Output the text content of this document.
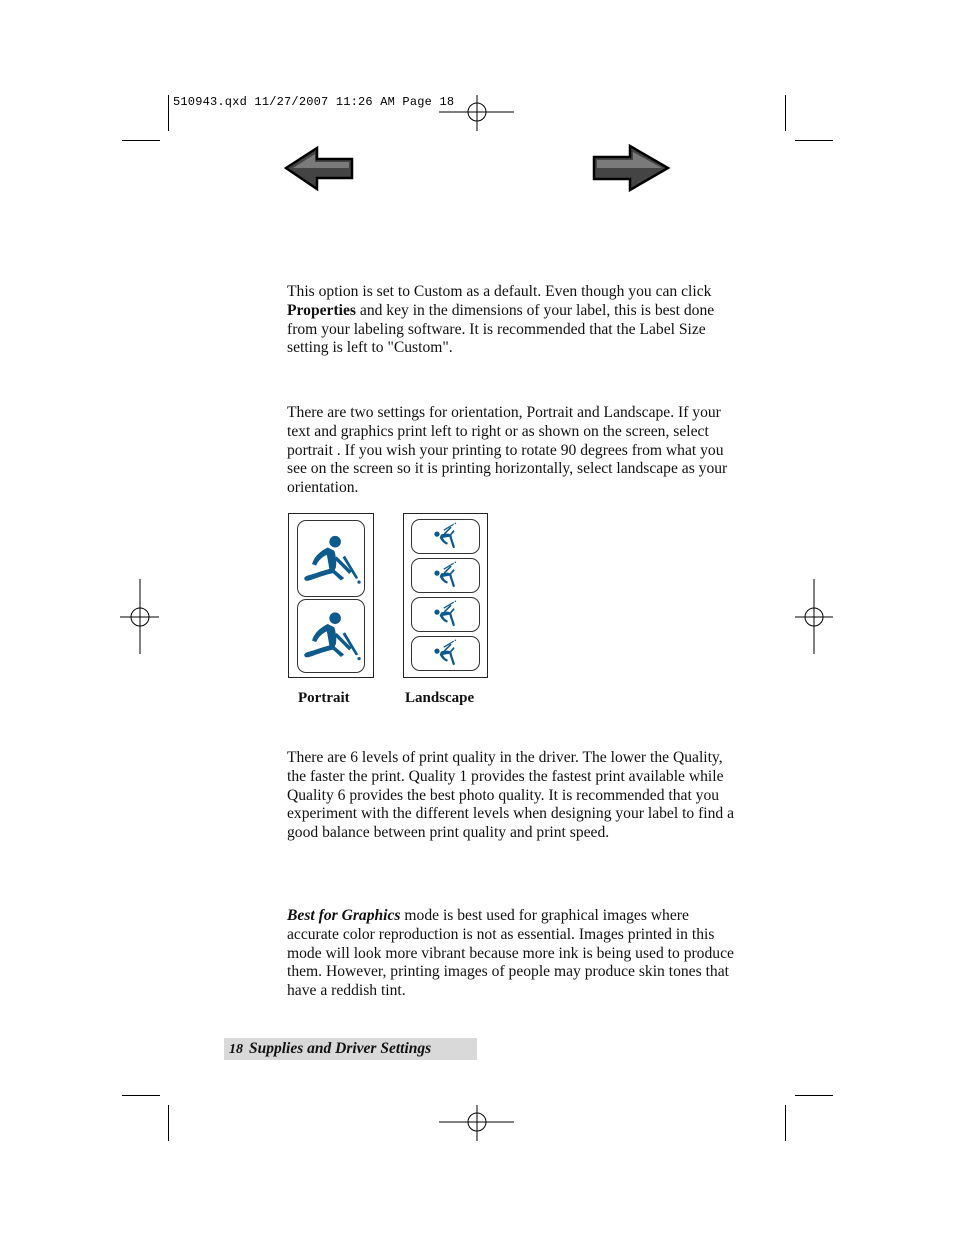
510943.qxd 11/27/2007 11:26 AM Page 18

This option is set to Custom as a default. Even though you can click Properties and key in the dimensions of your label, this is best done from your labeling software. It is recommended that the Label Size setting is left to "Custom".

There are two settings for orientation, Portrait and Landscape. If your text and graphics print left to right or as shown on the screen, select portrait . If you wish your printing to rotate 90 degrees from what you see on the screen so it is printing horizontally, select landscape as your orientation.

Portrait	Landscape

There are 6 levels of print quality in the driver. The lower the Quality, the faster the print. Quality 1 provides the fastest print available while Quality 6 provides the best photo quality. It is recommended that you experiment with the different levels when designing your label to find a good balance between print quality and print speed.

Best for Graphics mode is best used for graphical images where accurate color reproduction is not as essential. Images printed in this mode will look more vibrant because more ink is being used to produce them. However, printing images of people may produce skin tones that have a reddish tint.

18 Supplies and Driver Settings
